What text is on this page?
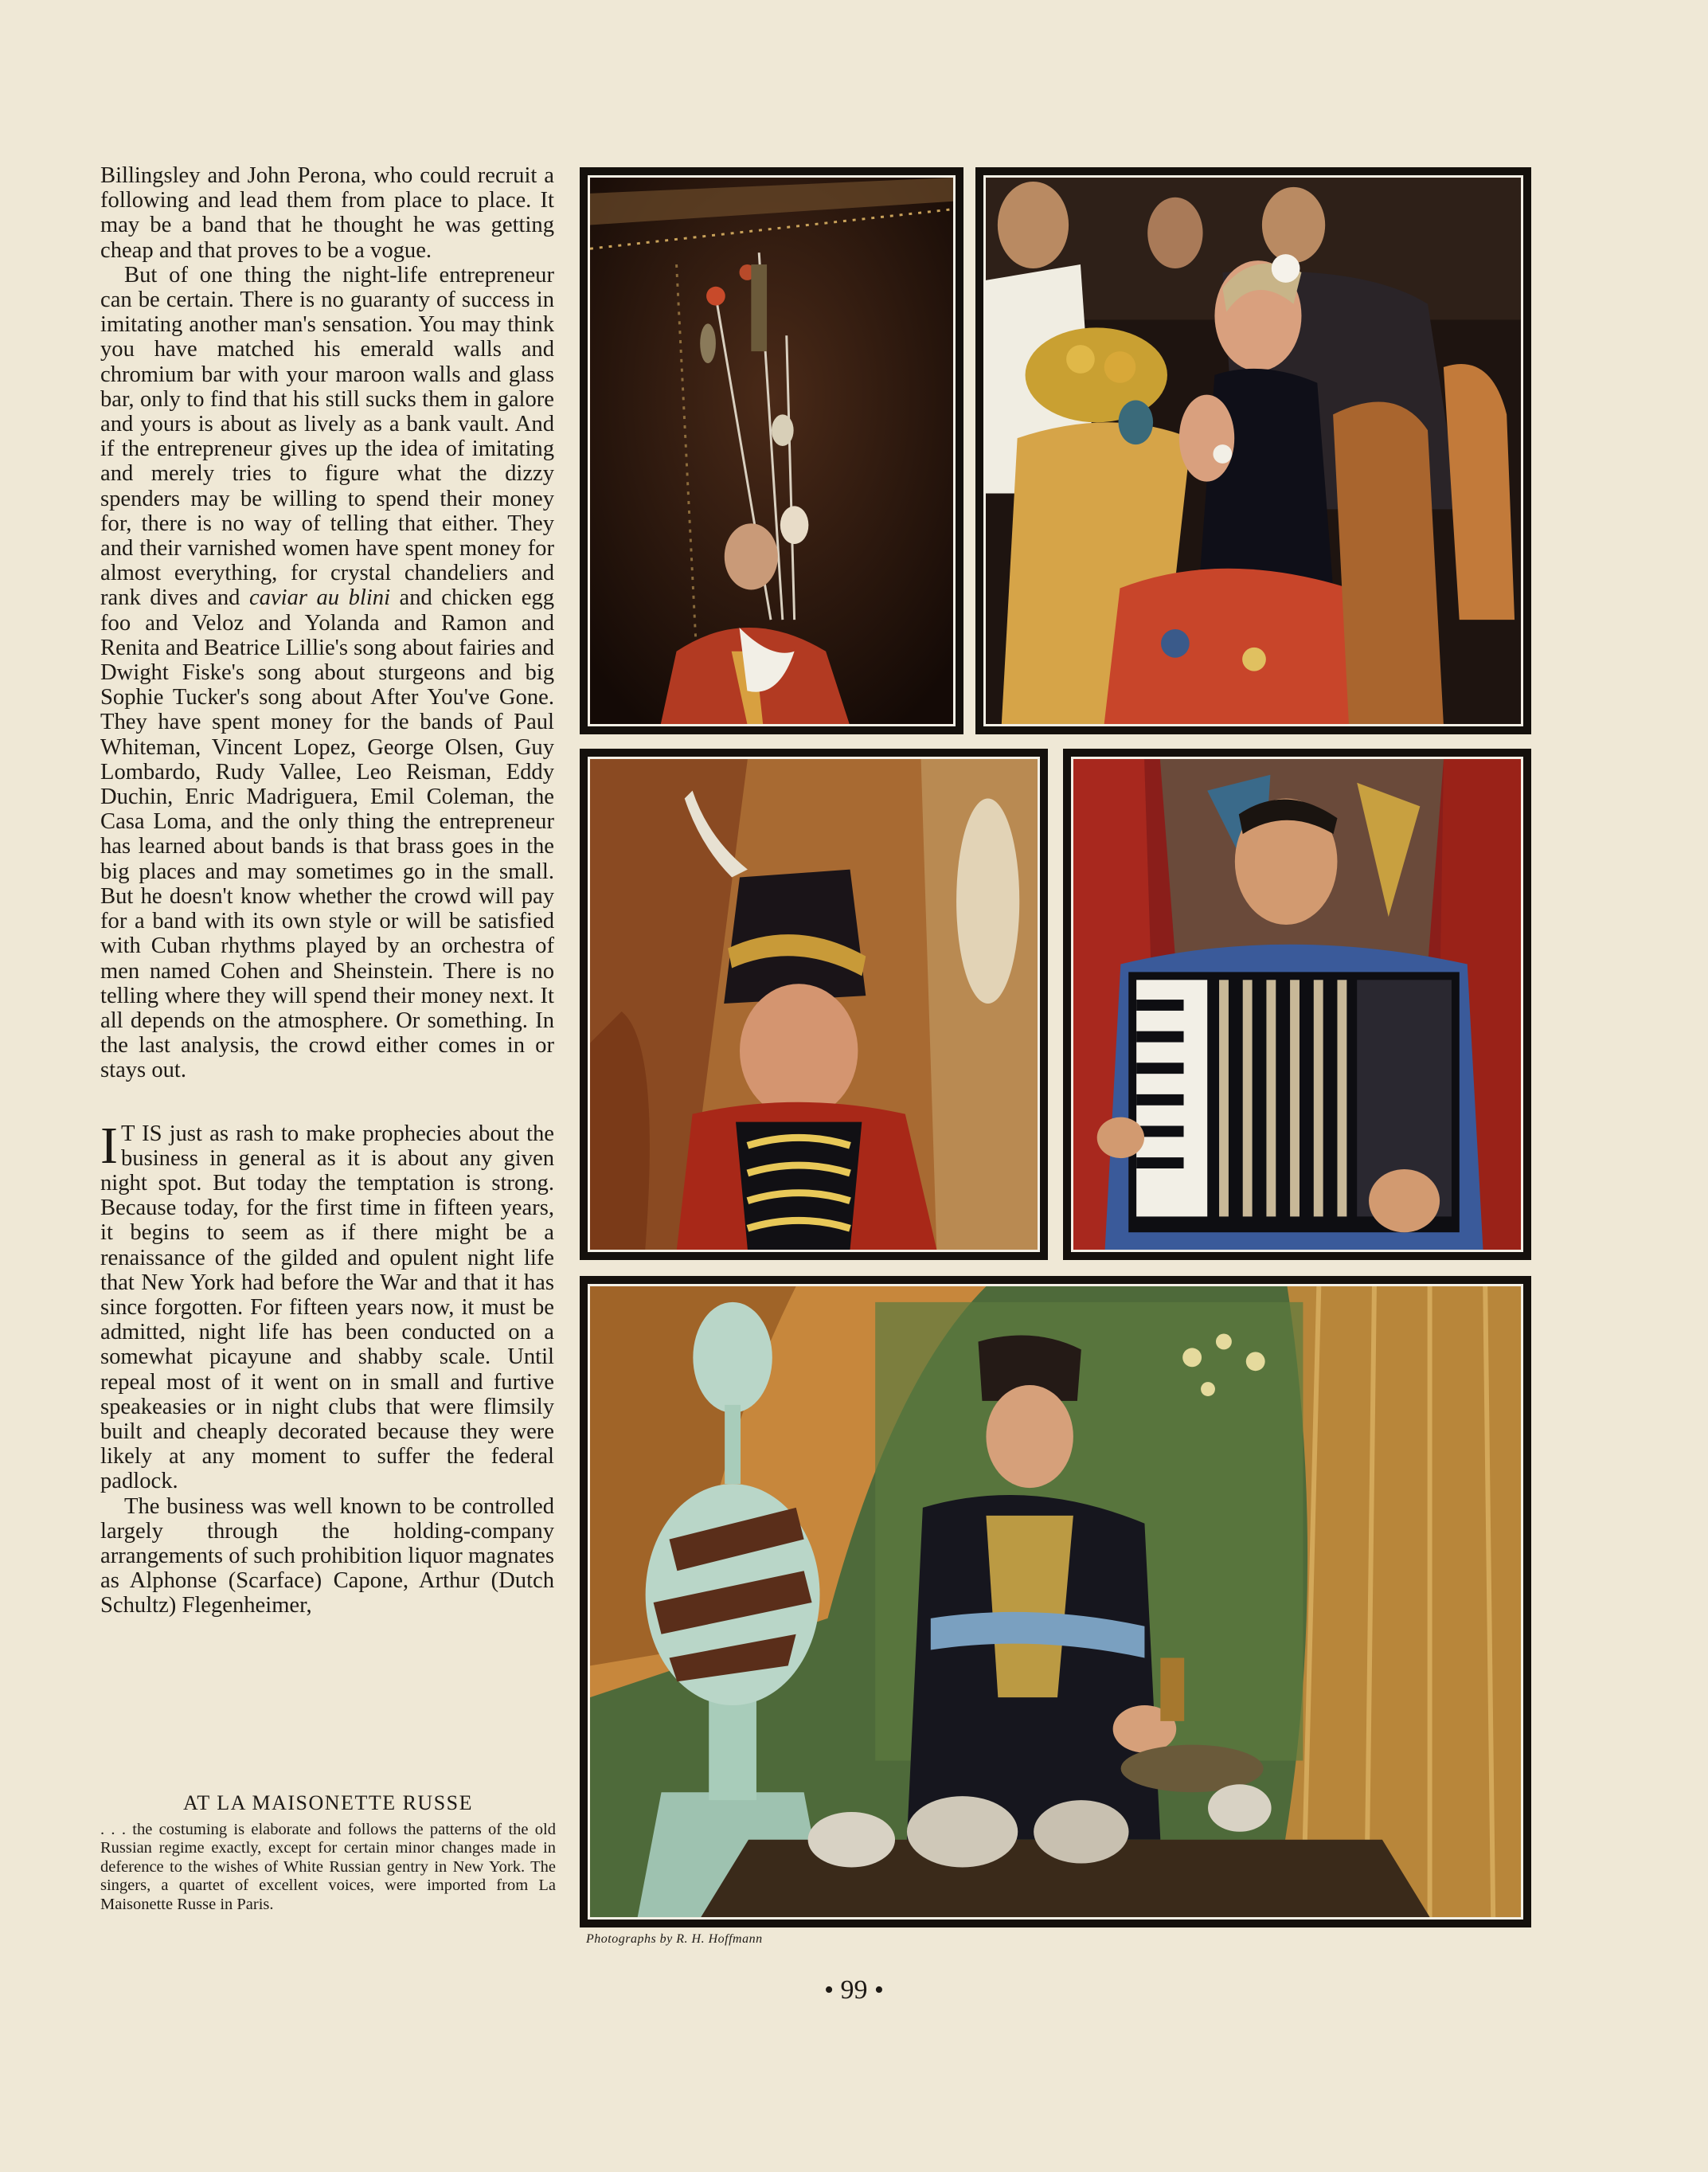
Billingsley and John Perona, who could recruit a following and lead them from place to place. It may be a band that he thought he was getting cheap and that proves to be a vogue.

But of one thing the night-life entrepreneur can be certain. There is no guaranty of success in imitating another man's sensation. You may think you have matched his emerald walls and chromium bar with your maroon walls and glass bar, only to find that his still sucks them in galore and yours is about as lively as a bank vault. And if the entrepreneur gives up the idea of imitating and merely tries to figure what the dizzy spenders may be willing to spend their money for, there is no way of telling that either. They and their varnished women have spent money for almost everything, for crystal chandeliers and rank dives and caviar au blini and chicken egg foo and Veloz and Yolanda and Ramon and Renita and Beatrice Lillie's song about fairies and Dwight Fiske's song about sturgeons and big Sophie Tucker's song about After You've Gone. They have spent money for the bands of Paul Whiteman, Vincent Lopez, George Olsen, Guy Lombardo, Rudy Vallee, Leo Reisman, Eddy Duchin, Enric Madriguera, Emil Coleman, the Casa Loma, and the only thing the entrepreneur has learned about bands is that brass goes in the big places and may sometimes go in the small. But he doesn't know whether the crowd will pay for a band with its own style or will be satisfied with Cuban rhythms played by an orchestra of men named Cohen and Sheinstein. There is no telling where they will spend their money next. It all depends on the atmosphere. Or something. In the last analysis, the crowd either comes in or stays out.

I T IS just as rash to make prophecies about the business in general as it is about any given night spot. But today the temptation is strong. Because today, for the first time in fifteen years, it begins to seem as if there might be a renaissance of the gilded and opulent night life that New York had before the War and that it has since forgotten. For fifteen years now, it must be admitted, night life has been conducted on a somewhat picayune and shabby scale. Until repeal most of it went on in small and furtive speakeasies or in night clubs that were flimsily built and cheaply decorated because they were likely at any moment to suffer the federal padlock.

The business was well known to be controlled largely through the holding-company arrangements of such prohibition liquor magnates as Alphonse (Scarface) Capone, Arthur (Dutch Schultz) Flegenheimer,

AT LA MAISONETTE RUSSE
. . . the costuming is elaborate and follows the patterns of the old Russian regime exactly, except for certain minor changes made in deference to the wishes of White Russian gentry in New York. The singers, a quartet of excellent voices, were imported from La Maisonette Russe in Paris.
Photographs by R. H. Hoffmann
• 99 •
